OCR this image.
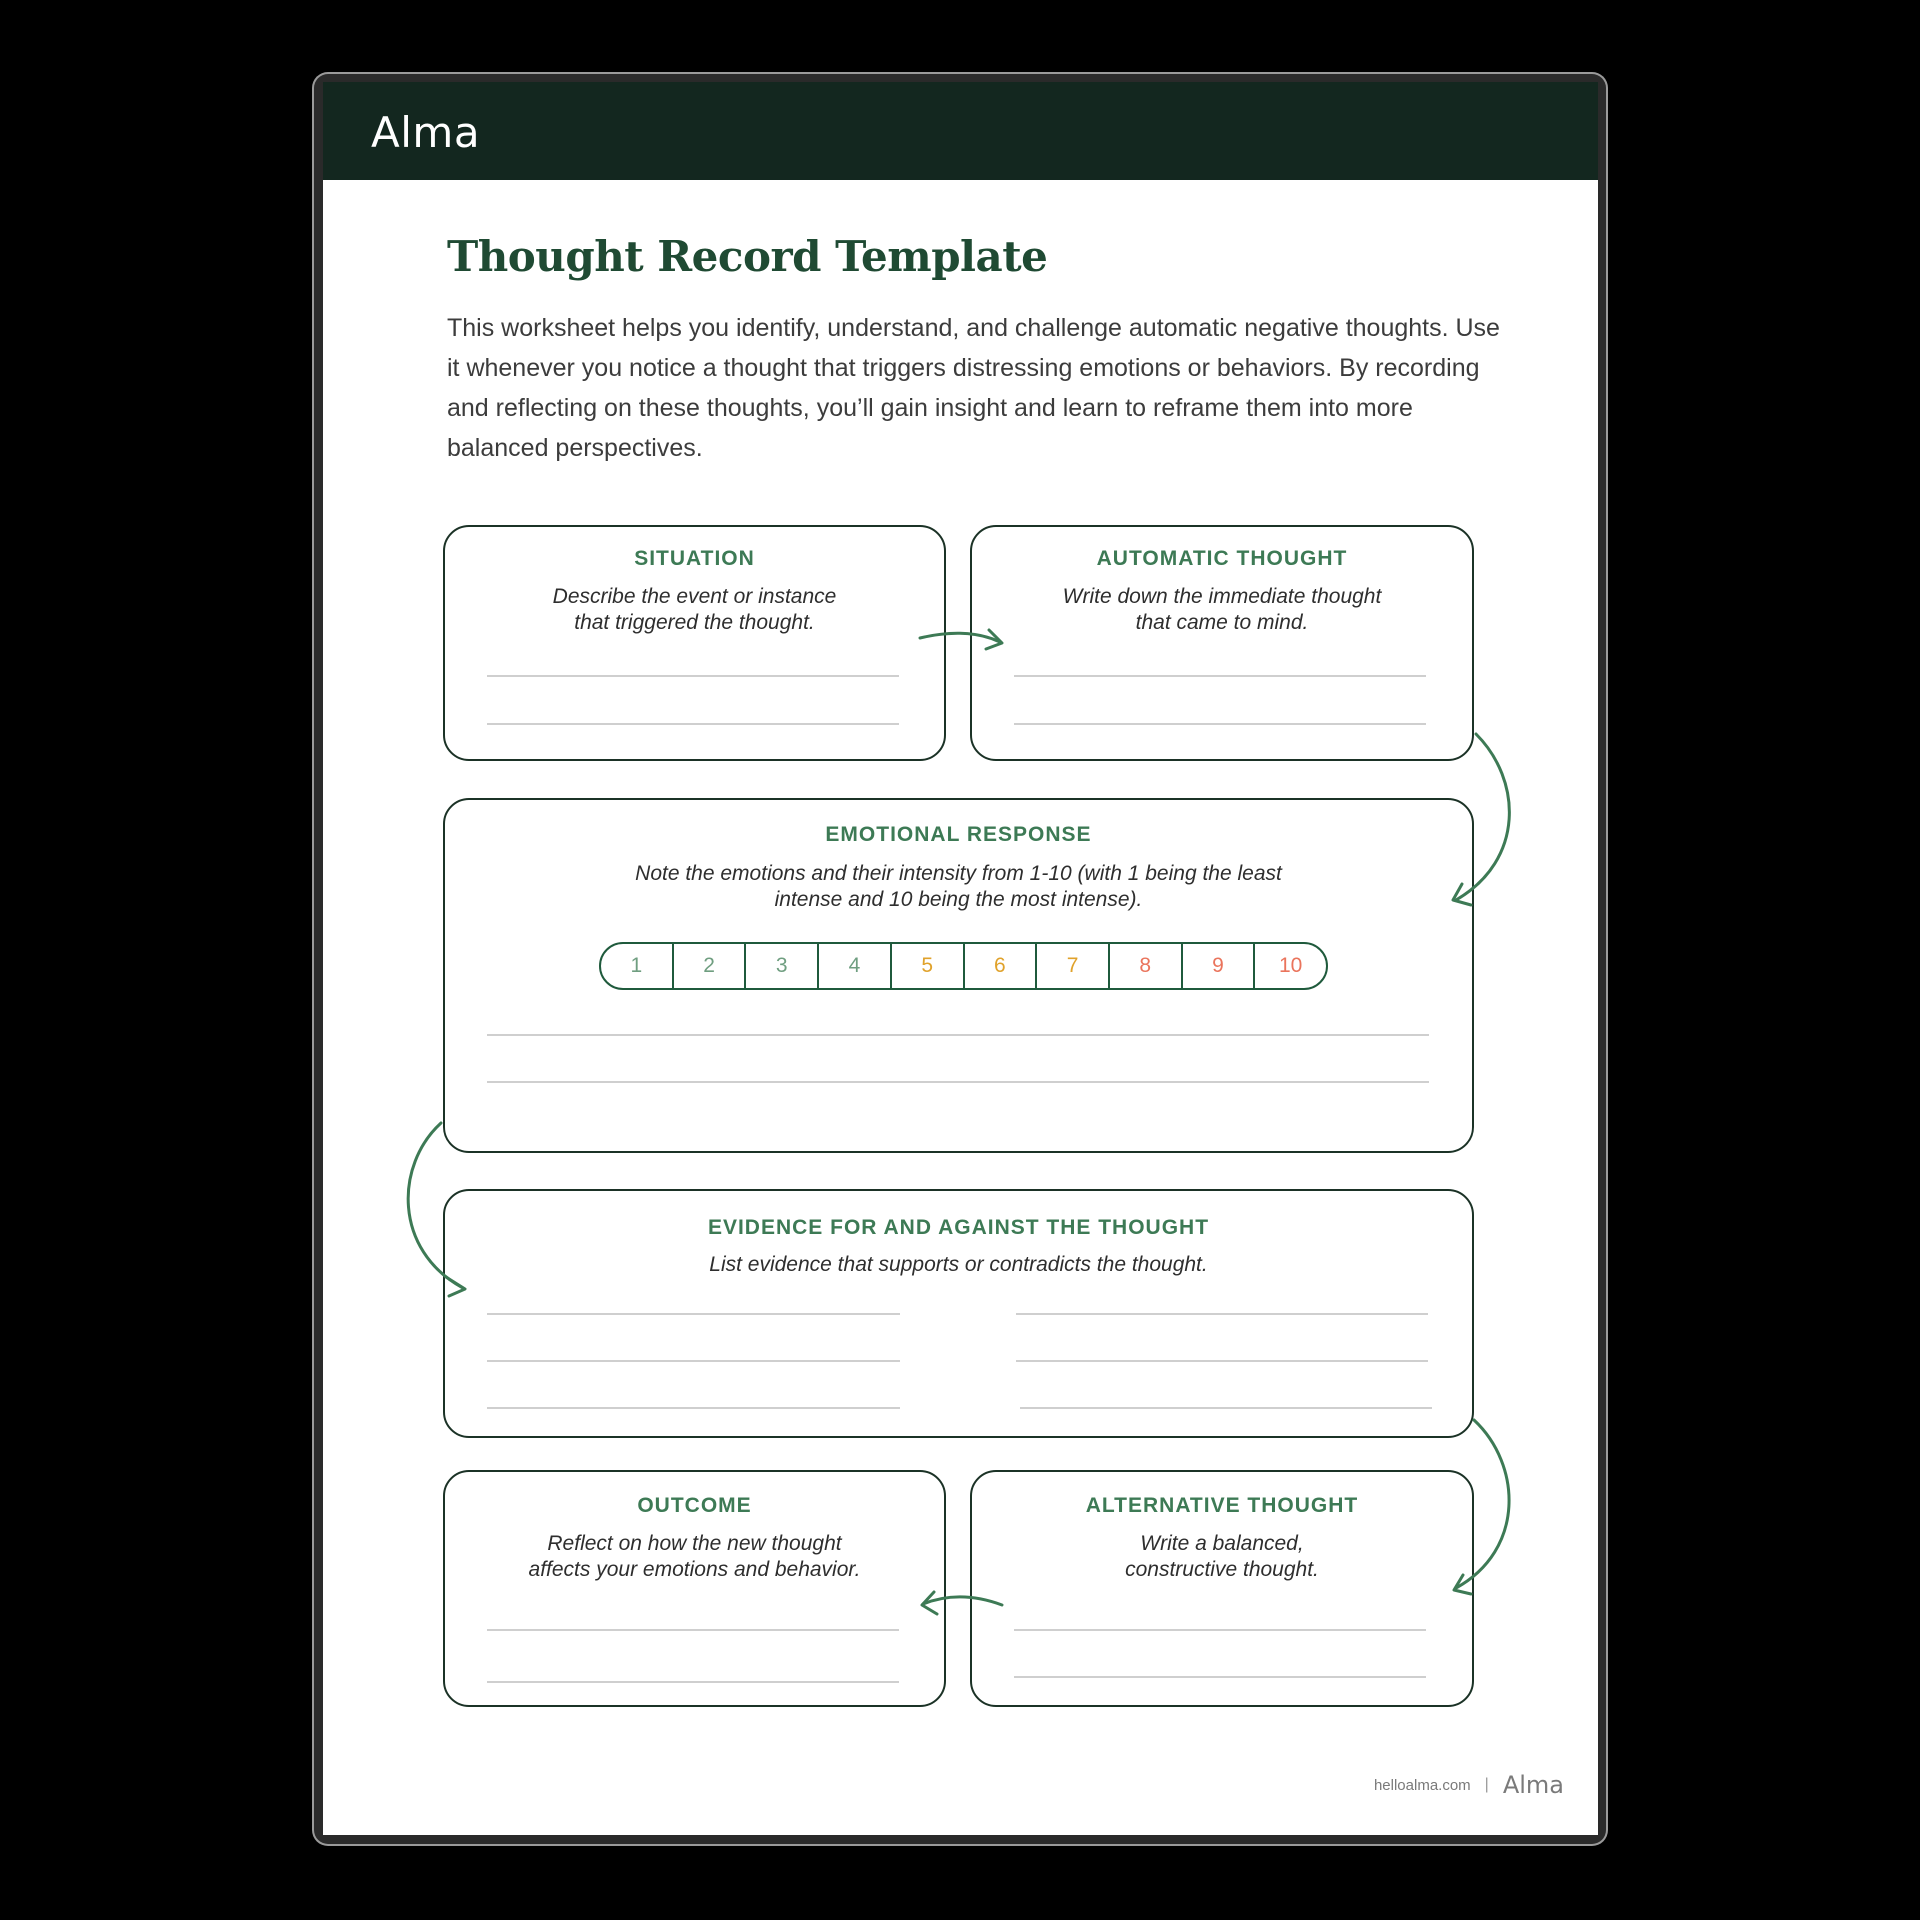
Alma
Thought Record Template

This worksheet helps you identify, understand, and challenge automatic negative thoughts. Use it whenever you notice a thought that triggers distressing emotions or behaviors. By recording and reflecting on these thoughts, you’ll gain insight and learn to reframe them into more balanced perspectives.

SITUATION
Describe the event or instance
that triggered the thought.
AUTOMATIC THOUGHT
Write down the immediate thought
that came to mind.
EMOTIONAL RESPONSE
Note the emotions and their intensity from 1-10 (with 1 being the least
intense and 10 being the most intense).
1	2	3	4	5	6	7	8	9	10
EVIDENCE FOR AND AGAINST THE THOUGHT
List evidence that supports or contradicts the thought.
OUTCOME
Reflect on how the new thought
affects your emotions and behavior.
ALTERNATIVE THOUGHT
Write a balanced,
constructive thought.
helloalma.com | Alma
